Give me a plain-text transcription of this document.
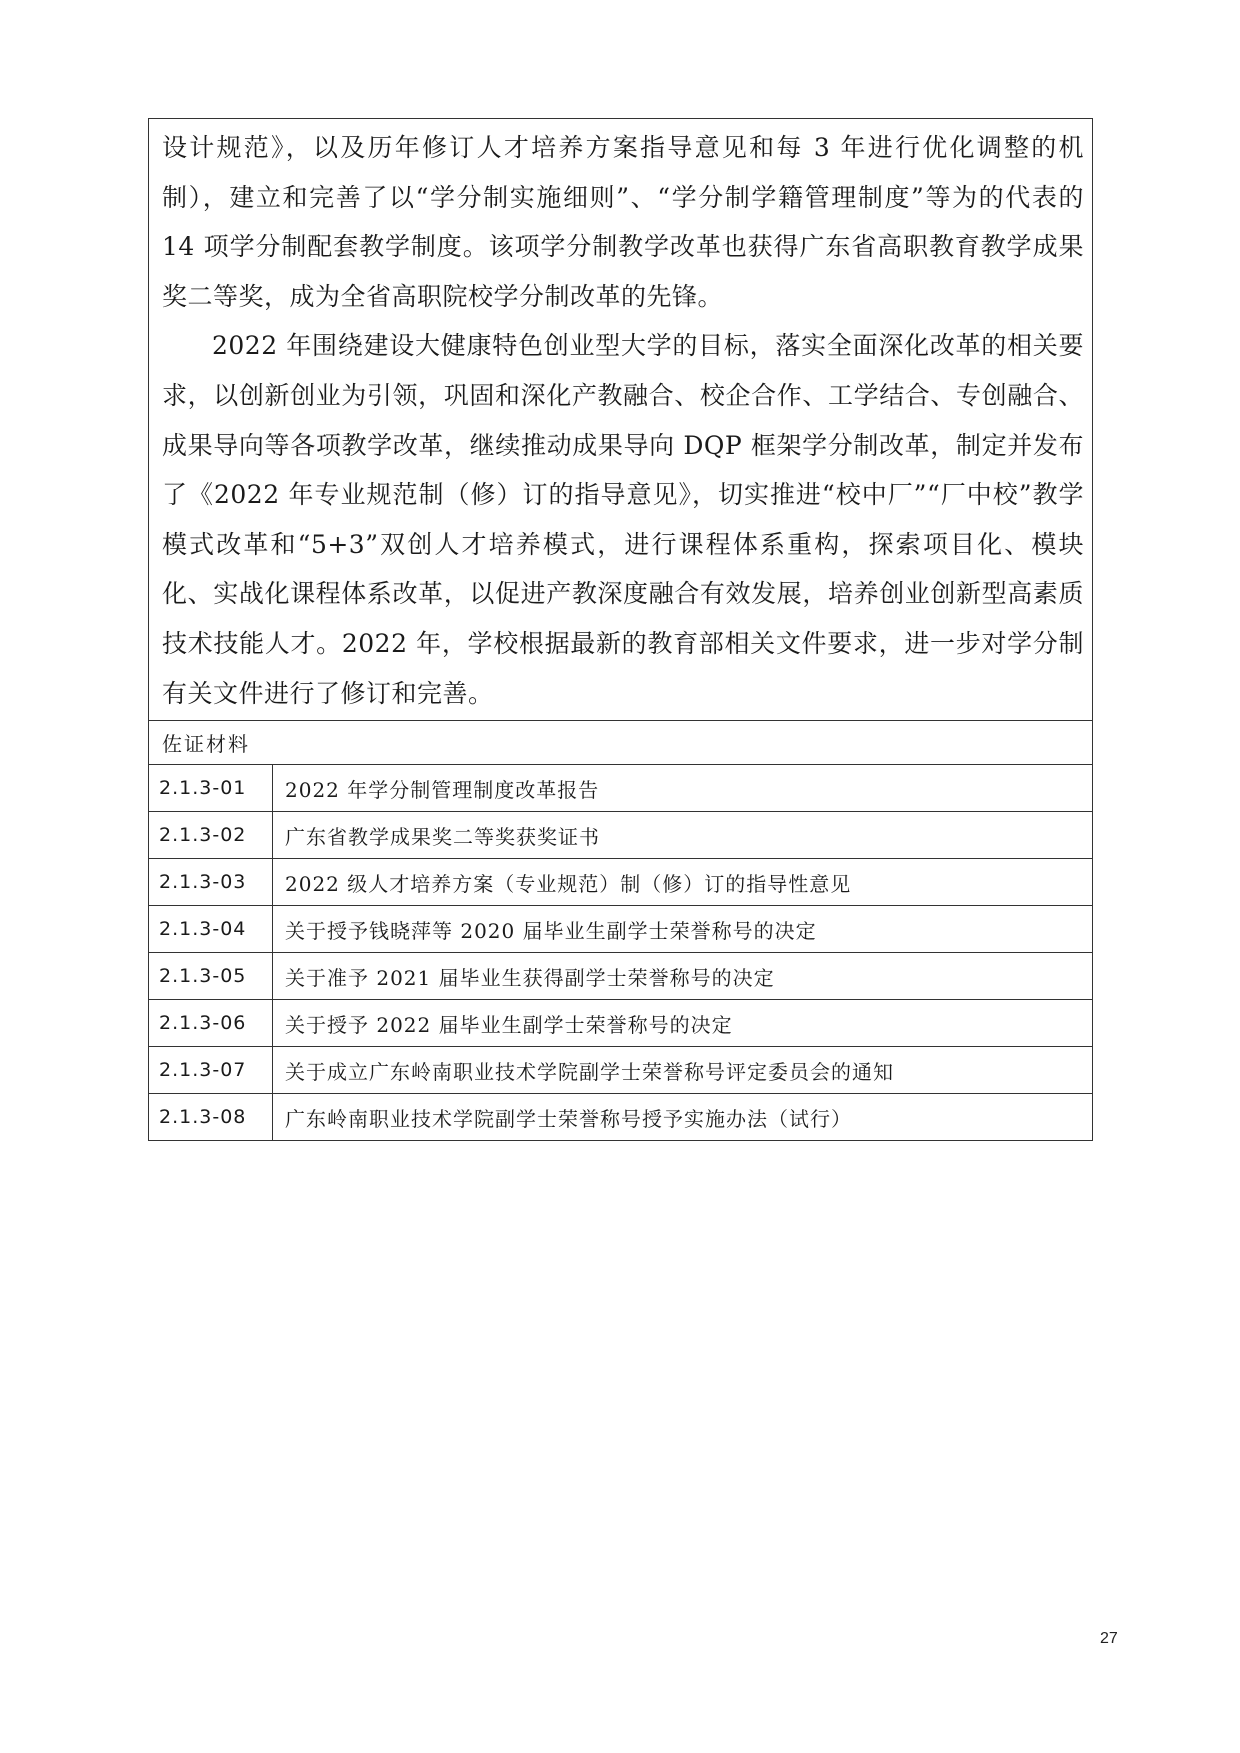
设计规范》，以及历年修订人才培养方案指导意见和每 3 年进行优化调整的机制），建立和完善了以“学分制实施细则”、“学分制学籍管理制度”等为的代表的 14 项学分制配套教学制度。该项学分制教学改革也获得广东省高职教育教学成果奖二等奖，成为全省高职院校学分制改革的先锋。

2022 年围绕建设大健康特色创业型大学的目标，落实全面深化改革的相关要求，以创新创业为引领，巩固和深化产教融合、校企合作、工学结合、专创融合、成果导向等各项教学改革，继续推动成果导向 DQP 框架学分制改革，制定并发布了《2022 年专业规范制（修）订的指导意见》，切实推进“校中厂”“厂中校”教学模式改革和“5+3”双创人才培养模式，进行课程体系重构，探索项目化、模块化、实战化课程体系改革，以促进产教深度融合有效发展，培养创业创新型高素质技术技能人才。2022 年，学校根据最新的教育部相关文件要求，进一步对学分制有关文件进行了修订和完善。	

佐证材料	
2.1.3-01	2022 年学分制管理制度改革报告
2.1.3-02	广东省教学成果奖二等奖获奖证书
2.1.3-03	2022 级人才培养方案（专业规范）制（修）订的指导性意见
2.1.3-04	关于授予钱晓萍等 2020 届毕业生副学士荣誉称号的决定
2.1.3-05	关于准予 2021 届毕业生获得副学士荣誉称号的决定
2.1.3-06	关于授予 2022 届毕业生副学士荣誉称号的决定
2.1.3-07	关于成立广东岭南职业技术学院副学士荣誉称号评定委员会的通知
2.1.3-08	广东岭南职业技术学院副学士荣誉称号授予实施办法（试行）
27
